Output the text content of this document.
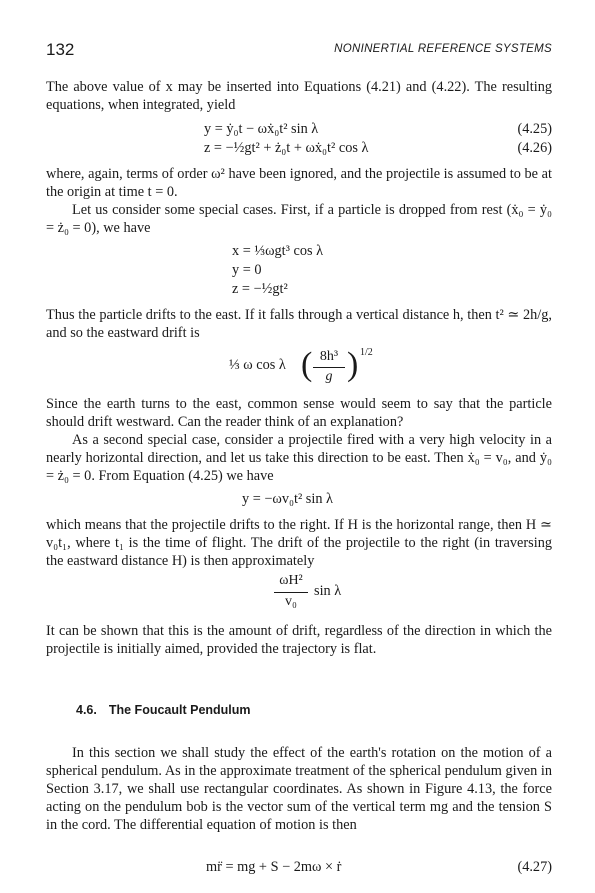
132	NONINERTIAL REFERENCE SYSTEMS

The above value of x may be inserted into Equations (4.21) and (4.22). The resulting equations, when integrated, yield

y = ẏ₀t − ωẋ₀t² sin λ	(4.25)
z = −½gt² + ż₀t + ωẋ₀t² cos λ	(4.26)

where, again, terms of order ω² have been ignored, and the projectile is assumed to be at the origin at time t = 0.

Let us consider some special cases. First, if a particle is dropped from rest (ẋ₀ = ẏ₀ = ż₀ = 0), we have

x = ⅓ωgt³ cos λ
y = 0
z = −½gt²

Thus the particle drifts to the east. If it falls through a vertical distance h, then t² ≃ 2h/g, and so the eastward drift is

⅓ ω cos λ ( 8h³
g ) 1/2

Since the earth turns to the east, common sense would seem to say that the particle should drift westward. Can the reader think of an explanation?

As a second special case, consider a projectile fired with a very high velocity in a nearly horizontal direction, and let us take this direction to be east. Then ẋ₀ = v₀, and ẏ₀ = ż₀ = 0. From Equation (4.25) we have

y = −ωv₀t² sin λ

which means that the projectile drifts to the right. If H is the horizontal range, then H ≃ v₀t₁, where t₁ is the time of flight. The drift of the projectile to the right (in traversing the eastward distance H) is then approximately

ωH²
v₀
sin λ

It can be shown that this is the amount of drift, regardless of the direction in which the projectile is initially aimed, provided the trajectory is flat.

4.6. The Foucault Pendulum

In this section we shall study the effect of the earth's rotation on the motion of a spherical pendulum. As in the approximate treatment of the spherical pendulum given in Section 3.17, we shall use rectangular coordinates. As shown in Figure 4.13, the force acting on the pendulum bob is the vector sum of the vertical term mg and the tension S in the cord. The differential equation of motion is then

mr̈ = mg + S − 2mω × ṙ	(4.27)
